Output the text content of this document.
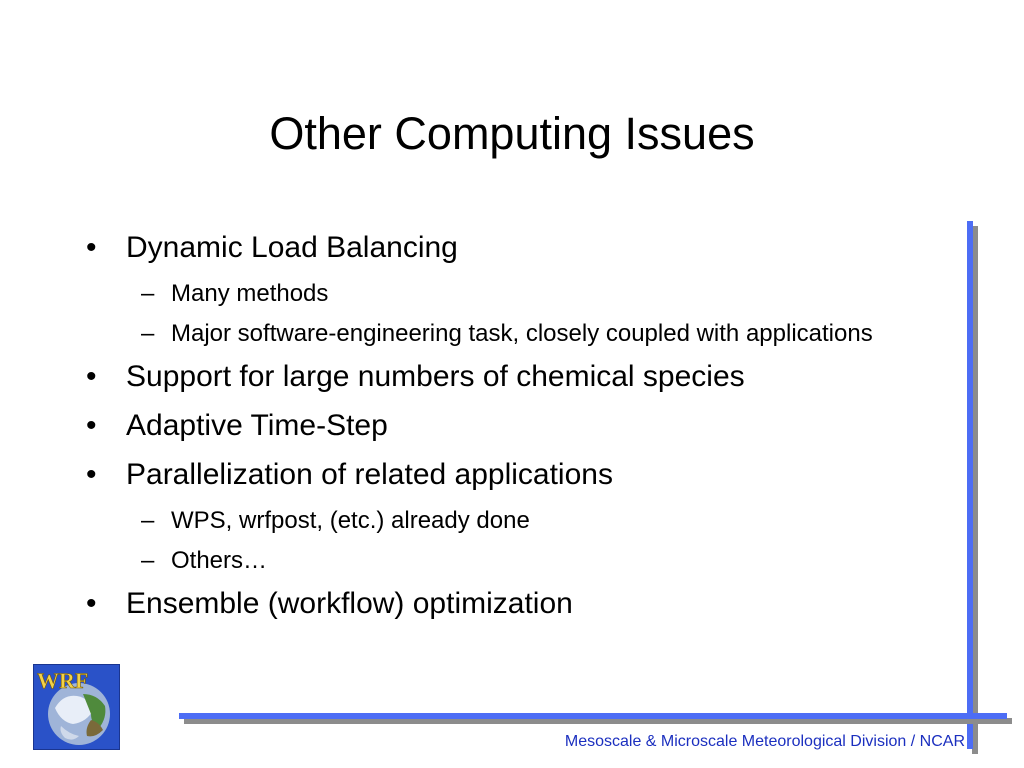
Other Computing Issues
• Dynamic Load Balancing
– Many methods
– Major software-engineering task, closely coupled with applications
• Support for large numbers of chemical species
• Adaptive Time-Step
• Parallelization of related applications
– WPS, wrfpost, (etc.) already done
– Others…
• Ensemble (workflow) optimization
Mesoscale & Microscale Meteorological Division / NCAR
WRF
